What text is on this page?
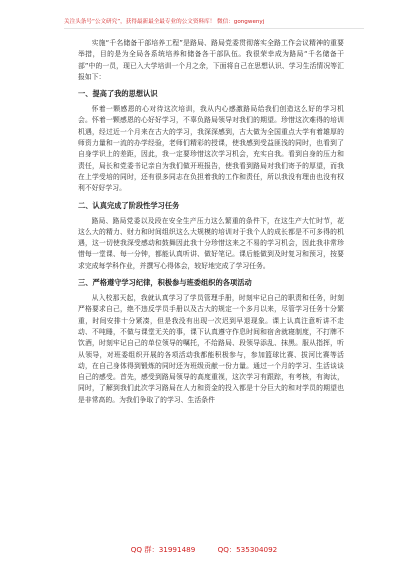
关注头条号“公文研究”，获得最新最全最专业的公文资料库！ 微信：gongwenyj

实施“千名储备干部培养工程”是路局、路局党委贯彻落实全路工作会议精神的重要举措，目的是为全局各系统培养和储备各干部队伍。我很荣幸成为路局“千名储备干部”中的一员，现已入大学培训一个月之余，下面将自己在思想认识、学习生活情况等汇报如下：

一、提高了我的思想认识

怀着一颗感恩的心对待这次培训，我从内心感激路局给我们创造这么好的学习机会。怀着一颗感恩的心好好学习，不辜负路局领导对我们的期望。珍惜这次难得的培训机遇，经过近一个月来在古大的学习，我深深感到，古大做为全国重点大学有着雄厚的师资力量和一流的办学经验，老师们精彩的授课，使我感到受益匪浅的同时，也看到了自身学识上的差距，因此，我一定要珍惜这次学习机会，充实自我。看到自身的压力和责任，局长和党委书记亲自为我们做开班报告，使我看到路局对我们寄予的厚望，而我在上学受培的同时，还有很多同志在负担着我的工作和责任，所以我没有理由也没有权利不好好学习。

二、认真完成了阶段性学习任务

路局、路局党委以及段在安全生产压力这么繁重的条件下，在这生产大忙时节，花这么大的精力、财力和时间组织这么大规模的培训对于我个人的成长都是不可多得的机遇，这一切使我深受感动和鼓舞因此我十分珍惜这来之不易的学习机会，因此我非常珍惜每一堂课、每一分钟，都能认真听讲、做好笔记。课后能做到及时复习和预习，按要求完成每学科作业，并撰写心得体会，较好地完成了学习任务。

三、严格遵守学习纪律，积极参与班委组织的各项活动

从入校那天起，我就认真学习了学员管理手册，时刻牢记自己的职责和任务，时刻严格要求自己，绝不违反学员手册以及古大的规定一个多月以来，尽管学习任务十分繁重，时间安排十分紧凑，但是我没有出现一次迟到早退现象。课上认真注意听讲不走动、不吨睡，不做与课堂无关的事，课下认真遵守作息时间和宿舍就寝制度，不打牌不饮酒，时刻牢记自己的单位领导的嘱托，不给路局、段领导添乱、抹黑。服从指挥，听从领导，对班委组织开展的各项活动我都能积极参与，参加篮球比赛、拔河比赛等活动，在自己身体得到锻炼的同时还为班级贡献一份力量。通过一个月的学习、生活谈谈自己的感受。首先，感受到路局领导的高度重视，这次学习有跟踪，有考核，有淘汰，同时，了解到我们此次学习路局在人力和资金的投入都是十分巨大的和对学员的期望也是非常高的。为我们争取了的学习、生活条件

QQ 群：31991489	QQ：535304092
